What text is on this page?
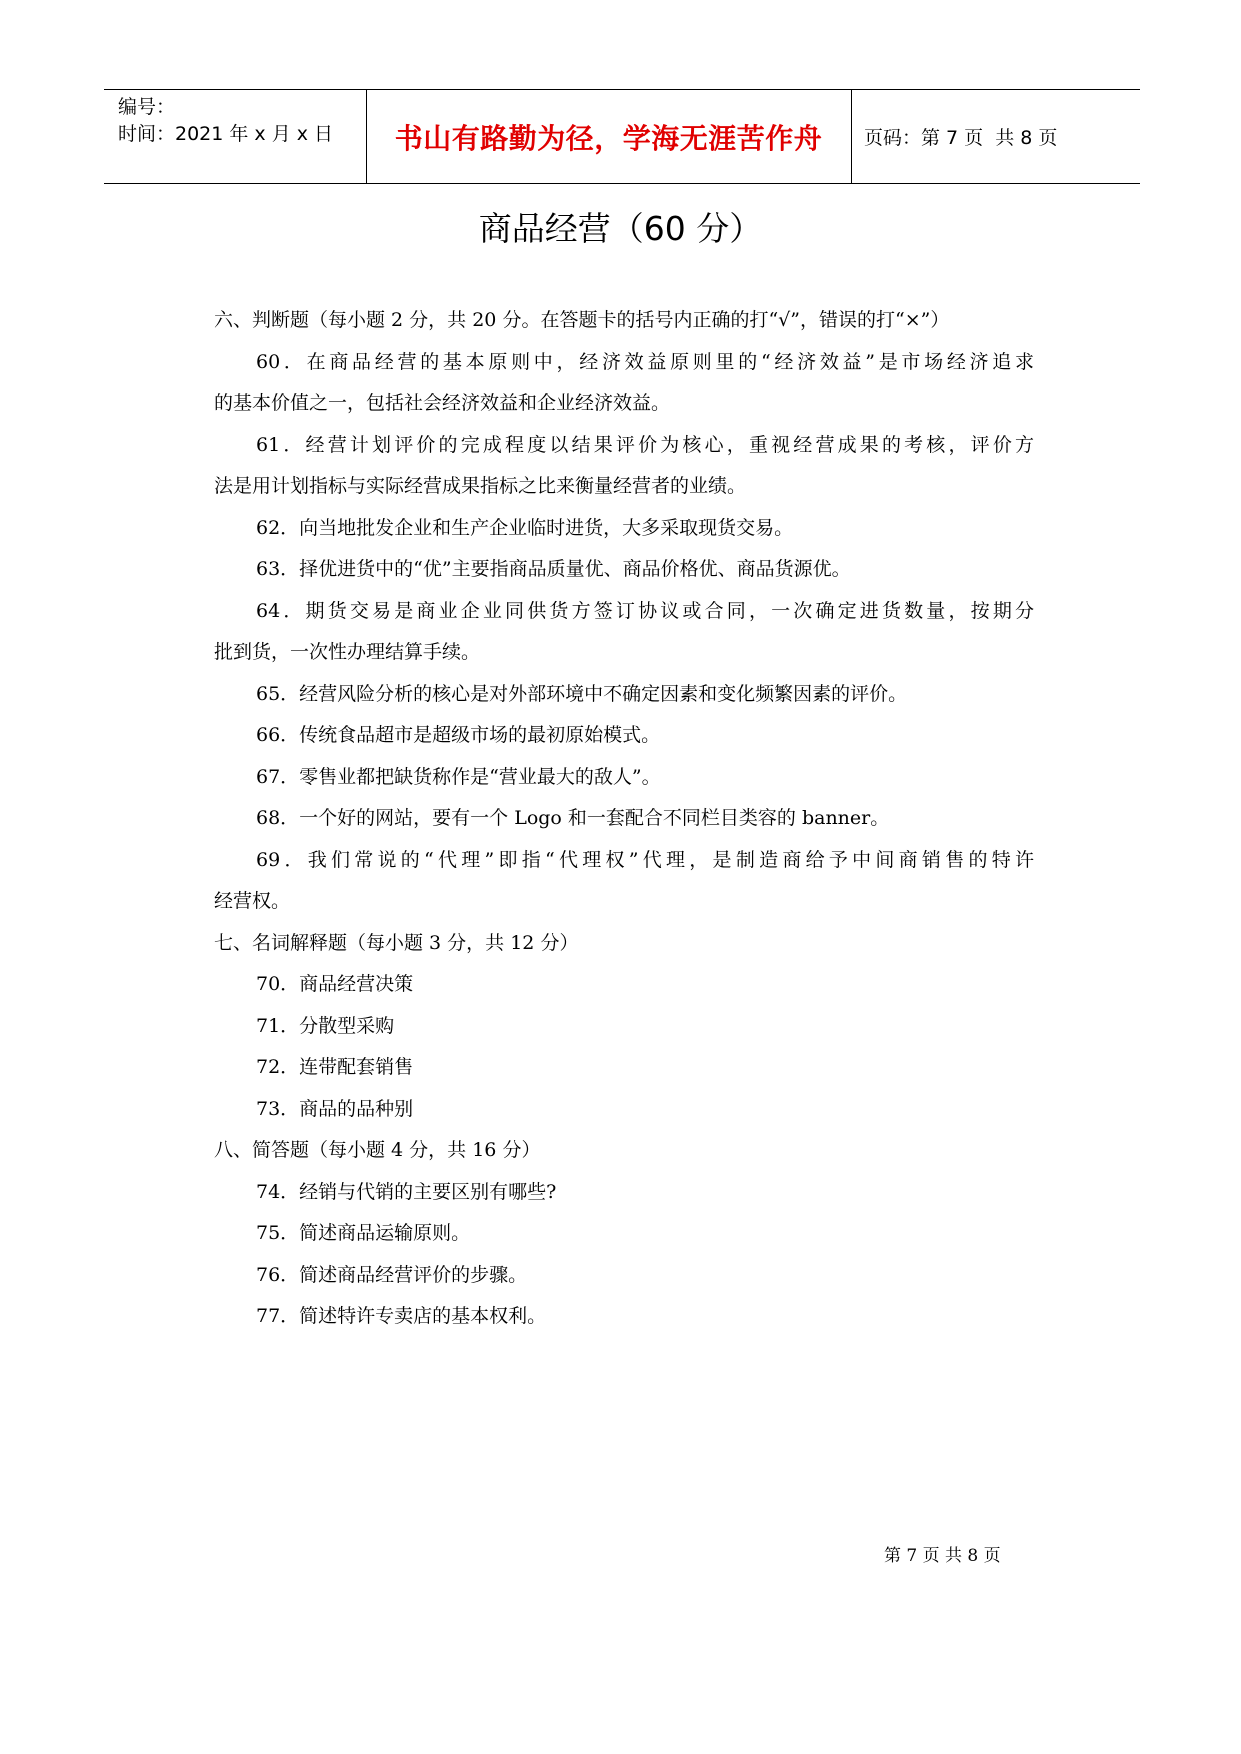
编号：
时间：2021 年 x 月 x 日	书山有路勤为径，学海无涯苦作舟	页码：第 7 页  共 8 页
商品经营（60 分）
六、判断题（每小题 2 分，共 20 分。在答题卡的括号内正确的打“√”，错误的打“×”）
60．在商品经营的基本原则中，经济效益原则里的“经济效益”是市场经济追求
的基本价值之一，包括社会经济效益和企业经济效益。
61．经营计划评价的完成程度以结果评价为核心，重视经营成果的考核，评价方
法是用计划指标与实际经营成果指标之比来衡量经营者的业绩。
62．向当地批发企业和生产企业临时进货，大多采取现货交易。
63．择优进货中的“优”主要指商品质量优、商品价格优、商品货源优。
64．期货交易是商业企业同供货方签订协议或合同，一次确定进货数量，按期分
批到货，一次性办理结算手续。
65．经营风险分析的核心是对外部环境中不确定因素和变化频繁因素的评价。
66．传统食品超市是超级市场的最初原始模式。
67．零售业都把缺货称作是“营业最大的敌人”。
68．一个好的网站，要有一个 Logo 和一套配合不同栏目类容的 banner。
69．我们常说的“代理”即指“代理权”代理，是制造商给予中间商销售的特许
经营权。
七、名词解释题（每小题 3 分，共 12 分）
70．商品经营决策
71．分散型采购
72．连带配套销售
73．商品的品种别
八、简答题（每小题 4 分，共 16 分）
74．经销与代销的主要区别有哪些?
75．简述商品运输原则。
76．简述商品经营评价的步骤。
77．简述特许专卖店的基本权利。
第 7 页 共 8 页
